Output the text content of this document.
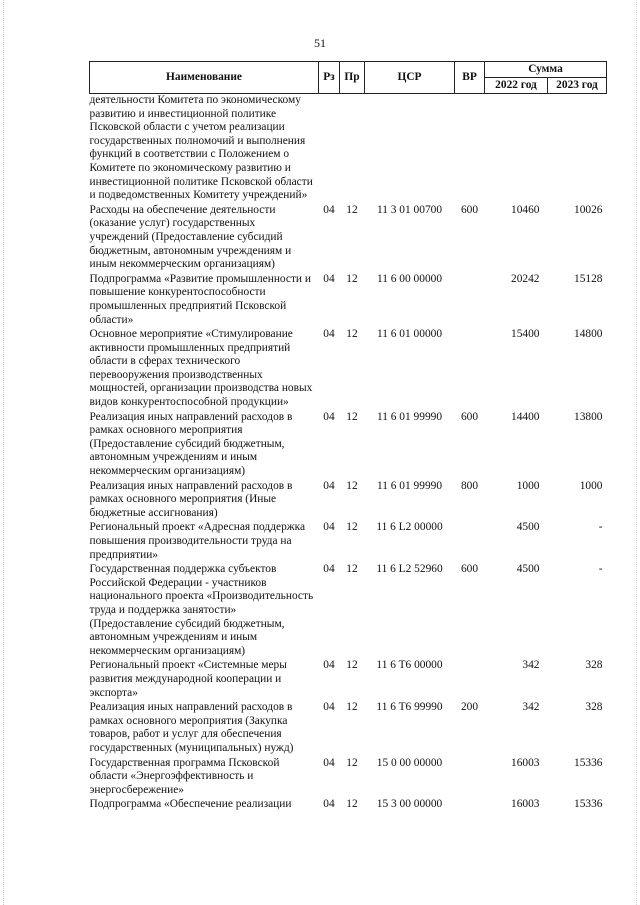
51
Наименование	Рз	Пр	ЦСР	ВР	Сумма	
					2022 год	2023 год
деятельности Комитета по экономическому развитию и инвестиционной политике Псковской области с учетом реализации государственных полномочий и выполнения функций в соответствии с Положением о Комитете по экономическому развитию и инвестиционной политике Псковской области и подведомственных Комитету учреждений»						
Расходы на обеспечение деятельности (оказание услуг) государственных учреждений (Предоставление субсидий бюджетным, автономным учреждениям и иным некоммерческим организациям)	04	12	11 3 01 00700	600	10460	10026
Подпрограмма «Развитие промышленности и повышение конкурентоспособности промышленных предприятий Псковской области»	04	12	11 6 00 00000		20242	15128
Основное мероприятие «Стимулирование активности промышленных предприятий области в сферах технического перевооружения производственных мощностей, организации производства новых видов конкурентоспособной продукции»	04	12	11 6 01 00000		15400	14800
Реализация иных направлений расходов в рамках основного мероприятия (Предоставление субсидий бюджетным, автономным учреждениям и иным некоммерческим организациям)	04	12	11 6 01 99990	600	14400	13800
Реализация иных направлений расходов в рамках основного мероприятия (Иные бюджетные ассигнования)	04	12	11 6 01 99990	800	1000	1000
Региональный проект «Адресная поддержка повышения производительности труда на предприятии»	04	12	11 6 L2 00000		4500	-
Государственная поддержка субъектов Российской Федерации - участников национального проекта «Производительность труда и поддержка занятости» (Предоставление субсидий бюджетным, автономным учреждениям и иным некоммерческим организациям)	04	12	11 6 L2 52960	600	4500	-
Региональный проект «Системные меры развития международной кооперации и экспорта»	04	12	11 6 T6 00000		342	328
Реализация иных направлений расходов в рамках основного мероприятия (Закупка товаров, работ и услуг для обеспечения государственных (муниципальных) нужд)	04	12	11 6 T6 99990	200	342	328
Государственная программа Псковской области «Энергоэффективность и энергосбережение»	04	12	15 0 00 00000		16003	15336
Подпрограмма «Обеспечение реализации	04	12	15 3 00 00000		16003	15336
